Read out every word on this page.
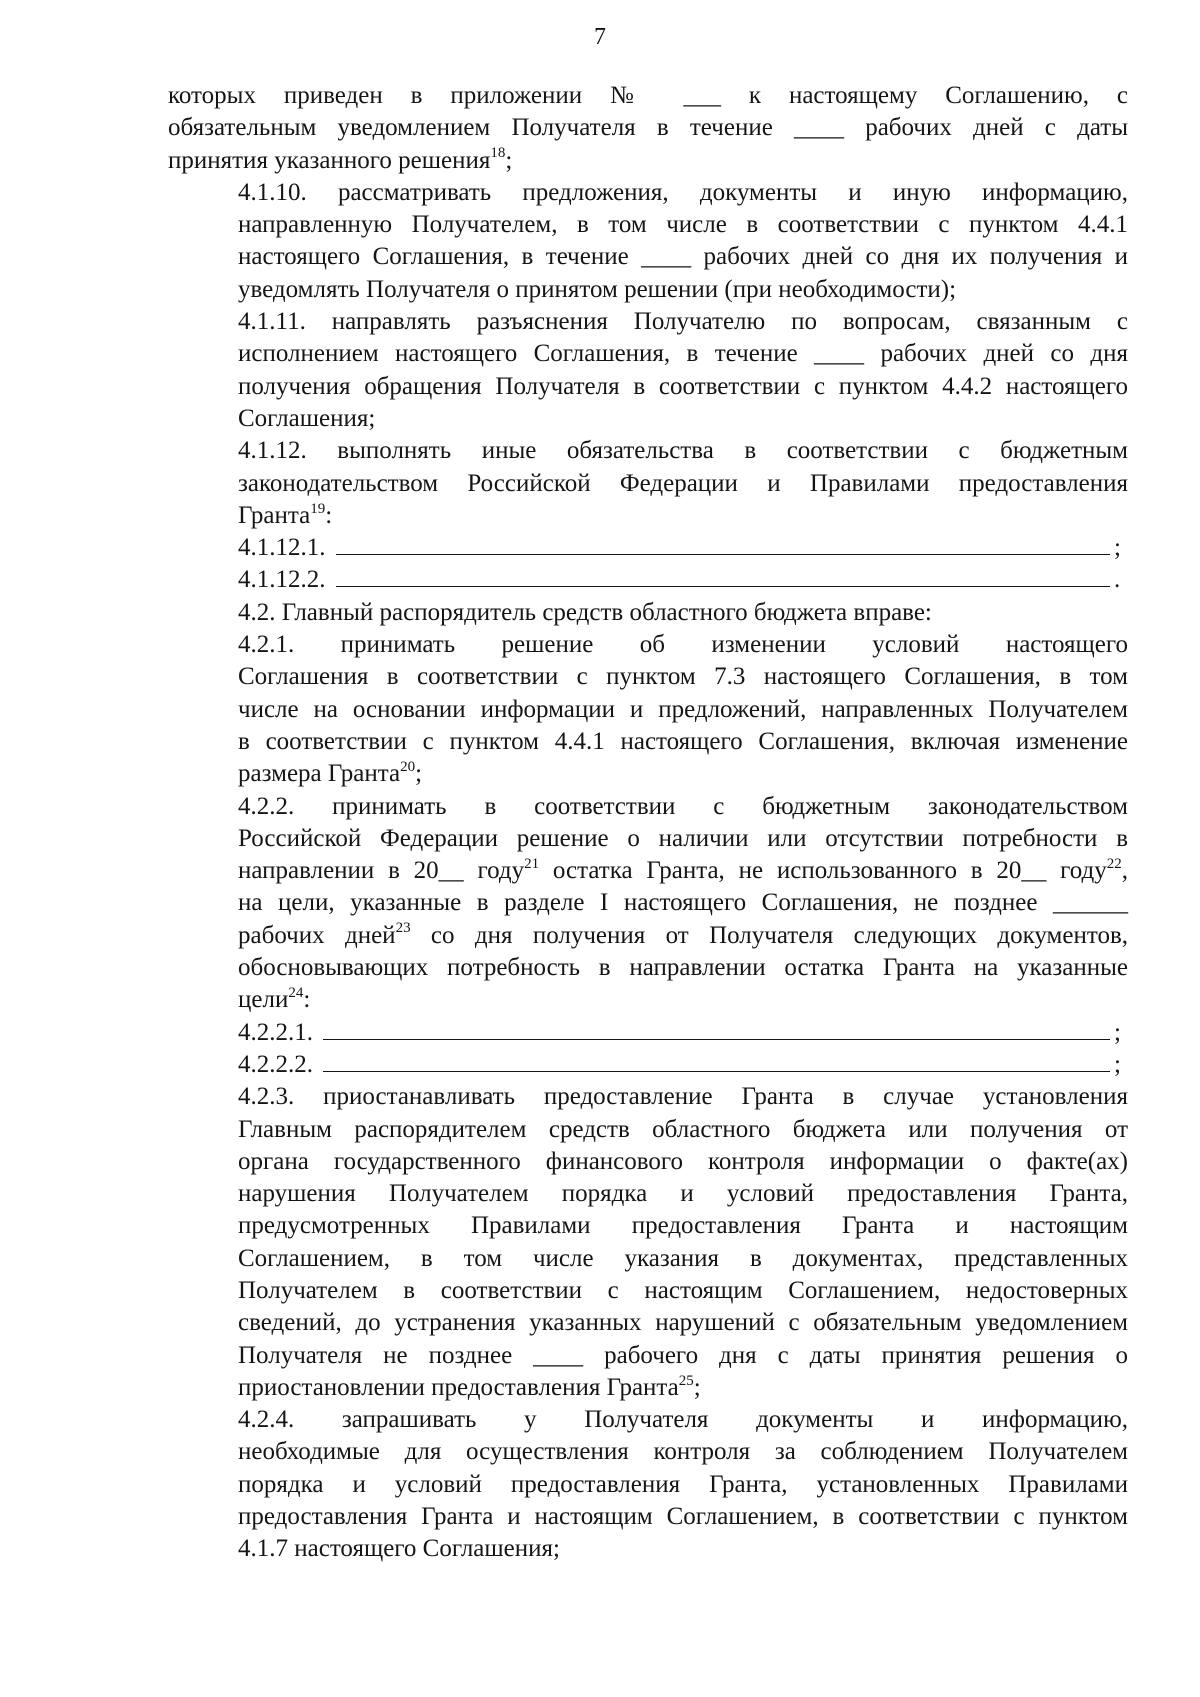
7

которых приведен в приложении № ___ к настоящему Соглашению, с
обязательным уведомлением Получателя в течение ____ рабочих дней с даты
принятия указанного решения$^{18}$;

4.1.10. рассматривать предложения, документы и иную информацию,
направленную Получателем, в том числе в соответствии с пунктом 4.4.1
настоящего Соглашения, в течение ____ рабочих дней со дня их получения и
уведомлять Получателя о принятом решении (при необходимости);

4.1.11. направлять разъяснения Получателю по вопросам, связанным с
исполнением настоящего Соглашения, в течение ____ рабочих дней со дня
получения обращения Получателя в соответствии с пунктом 4.4.2 настоящего
Соглашения;

4.1.12. выполнять иные обязательства в соответствии с бюджетным
законодательством Российской Федерации и Правилами предоставления
Гранта$^{19}$:

4.1.12.1.	;
4.1.12.2.	.

4.2. Главный распорядитель средств областного бюджета вправе:

4.2.1. принимать решение об изменении условий настоящего
Соглашения в соответствии с пунктом 7.3 настоящего Соглашения, в том
числе на основании информации и предложений, направленных Получателем
в соответствии с пунктом 4.4.1 настоящего Соглашения, включая изменение
размера Гранта$^{20}$;

4.2.2. принимать в соответствии с бюджетным законодательством
Российской Федерации решение о наличии или отсутствии потребности в
направлении в 20__ году$^{21}$ остатка Гранта, не использованного в 20__ году$^{22}$,
на цели, указанные в разделе I настоящего Соглашения, не позднее ______
рабочих дней$^{23}$ со дня получения от Получателя следующих документов,
обосновывающих потребность в направлении остатка Гранта на указанные
цели$^{24}$:

4.2.2.1.	;
4.2.2.2.	;

4.2.3. приостанавливать предоставление Гранта в случае установления
Главным распорядителем средств областного бюджета или получения от
органа государственного финансового контроля информации о факте(ах)
нарушения Получателем порядка и условий предоставления Гранта,
предусмотренных Правилами предоставления Гранта и настоящим
Соглашением, в том числе указания в документах, представленных
Получателем в соответствии с настоящим Соглашением, недостоверных
сведений, до устранения указанных нарушений с обязательным уведомлением
Получателя не позднее ____ рабочего дня с даты принятия решения о
приостановлении предоставления Гранта$^{25}$;

4.2.4. запрашивать у Получателя документы и информацию,
необходимые для осуществления контроля за соблюдением Получателем
порядка и условий предоставления Гранта, установленных Правилами
предоставления Гранта и настоящим Соглашением, в соответствии с пунктом
4.1.7 настоящего Соглашения;
